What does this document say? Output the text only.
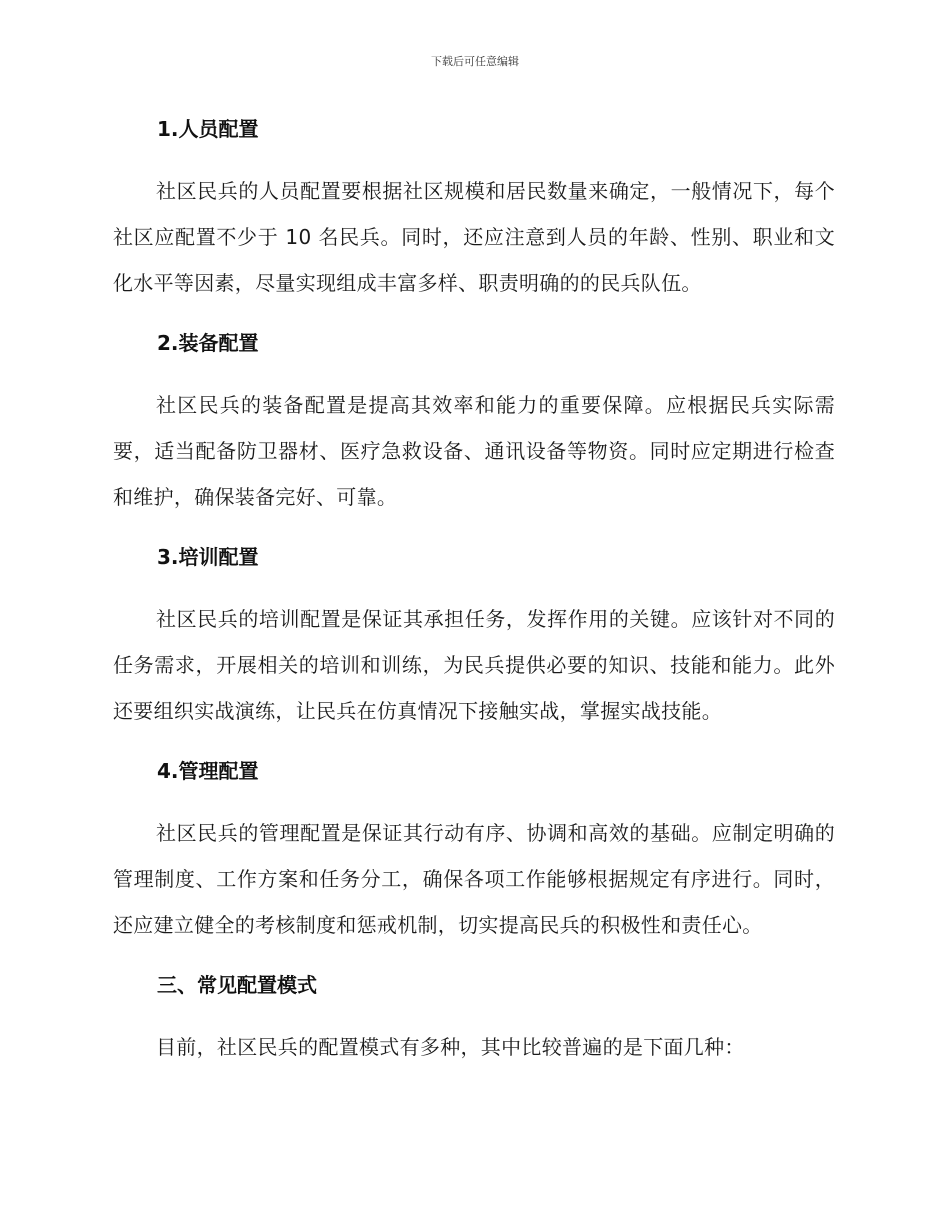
下载后可任意编辑
1.人员配置

社区民兵的人员配置要根据社区规模和居民数量来确定，一般情况下，每个社区应配置不少于 10 名民兵。同时，还应注意到人员的年龄、性别、职业和文化水平等因素，尽量实现组成丰富多样、职责明确的的民兵队伍。

2.装备配置

社区民兵的装备配置是提高其效率和能力的重要保障。应根据民兵实际需要，适当配备防卫器材、医疗急救设备、通讯设备等物资。同时应定期进行检查和维护，确保装备完好、可靠。

3.培训配置

社区民兵的培训配置是保证其承担任务，发挥作用的关键。应该针对不同的任务需求，开展相关的培训和训练，为民兵提供必要的知识、技能和能力。此外还要组织实战演练，让民兵在仿真情况下接触实战，掌握实战技能。

4.管理配置

社区民兵的管理配置是保证其行动有序、协调和高效的基础。应制定明确的管理制度、工作方案和任务分工，确保各项工作能够根据规定有序进行。同时，还应建立健全的考核制度和惩戒机制，切实提高民兵的积极性和责任心。

三、常见配置模式

目前，社区民兵的配置模式有多种，其中比较普遍的是下面几种：
